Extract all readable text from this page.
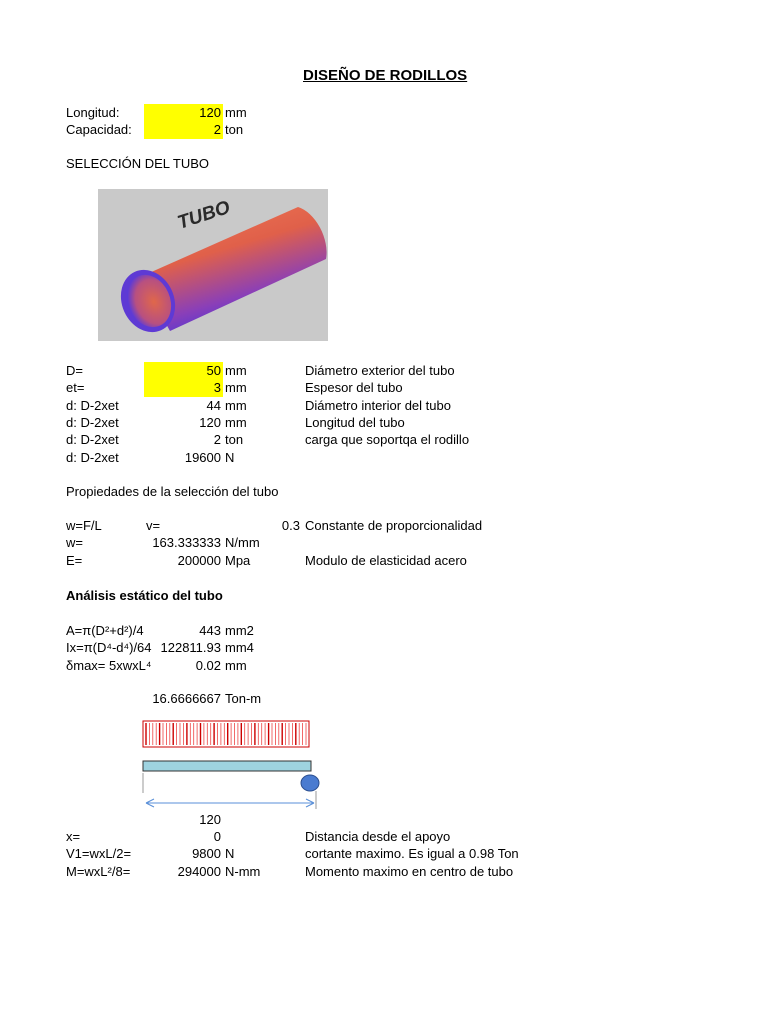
DISEÑO DE RODILLOS
Longitud:	120 mm
Capacidad:	2 ton
SELECCIÓN DEL TUBO
TUBO
D=	50 mm	Diámetro exterior del tubo
et=	3 mm	Espesor del tubo
d: D-2xet	44 mm	Diámetro interior del tubo
d: D-2xet	120 mm	Longitud del tubo
d: D-2xet	2 ton	carga que soportqa el rodillo
d: D-2xet	19600 N
Propiedades de la selección del tubo
w=F/L	v=	0.3 Constante de proporcionalidad
w=	163.333333 N/mm
E=	200000 Mpa	Modulo de elasticidad acero
Análisis estático del tubo
A=π(D²+d²)/4	443 mm2
Ix=π(D⁴-d⁴)/64 122811.93 mm4
δmax= 5xwxL⁴	0.02 mm
16.6666667 Ton-m
120
x=	0	Distancia desde el apoyo
V1=wxL/2=	9800 N	cortante maximo. Es igual a 0.98 Ton
M=wxL²/8=	294000 N-mm	Momento maximo en centro de tubo
